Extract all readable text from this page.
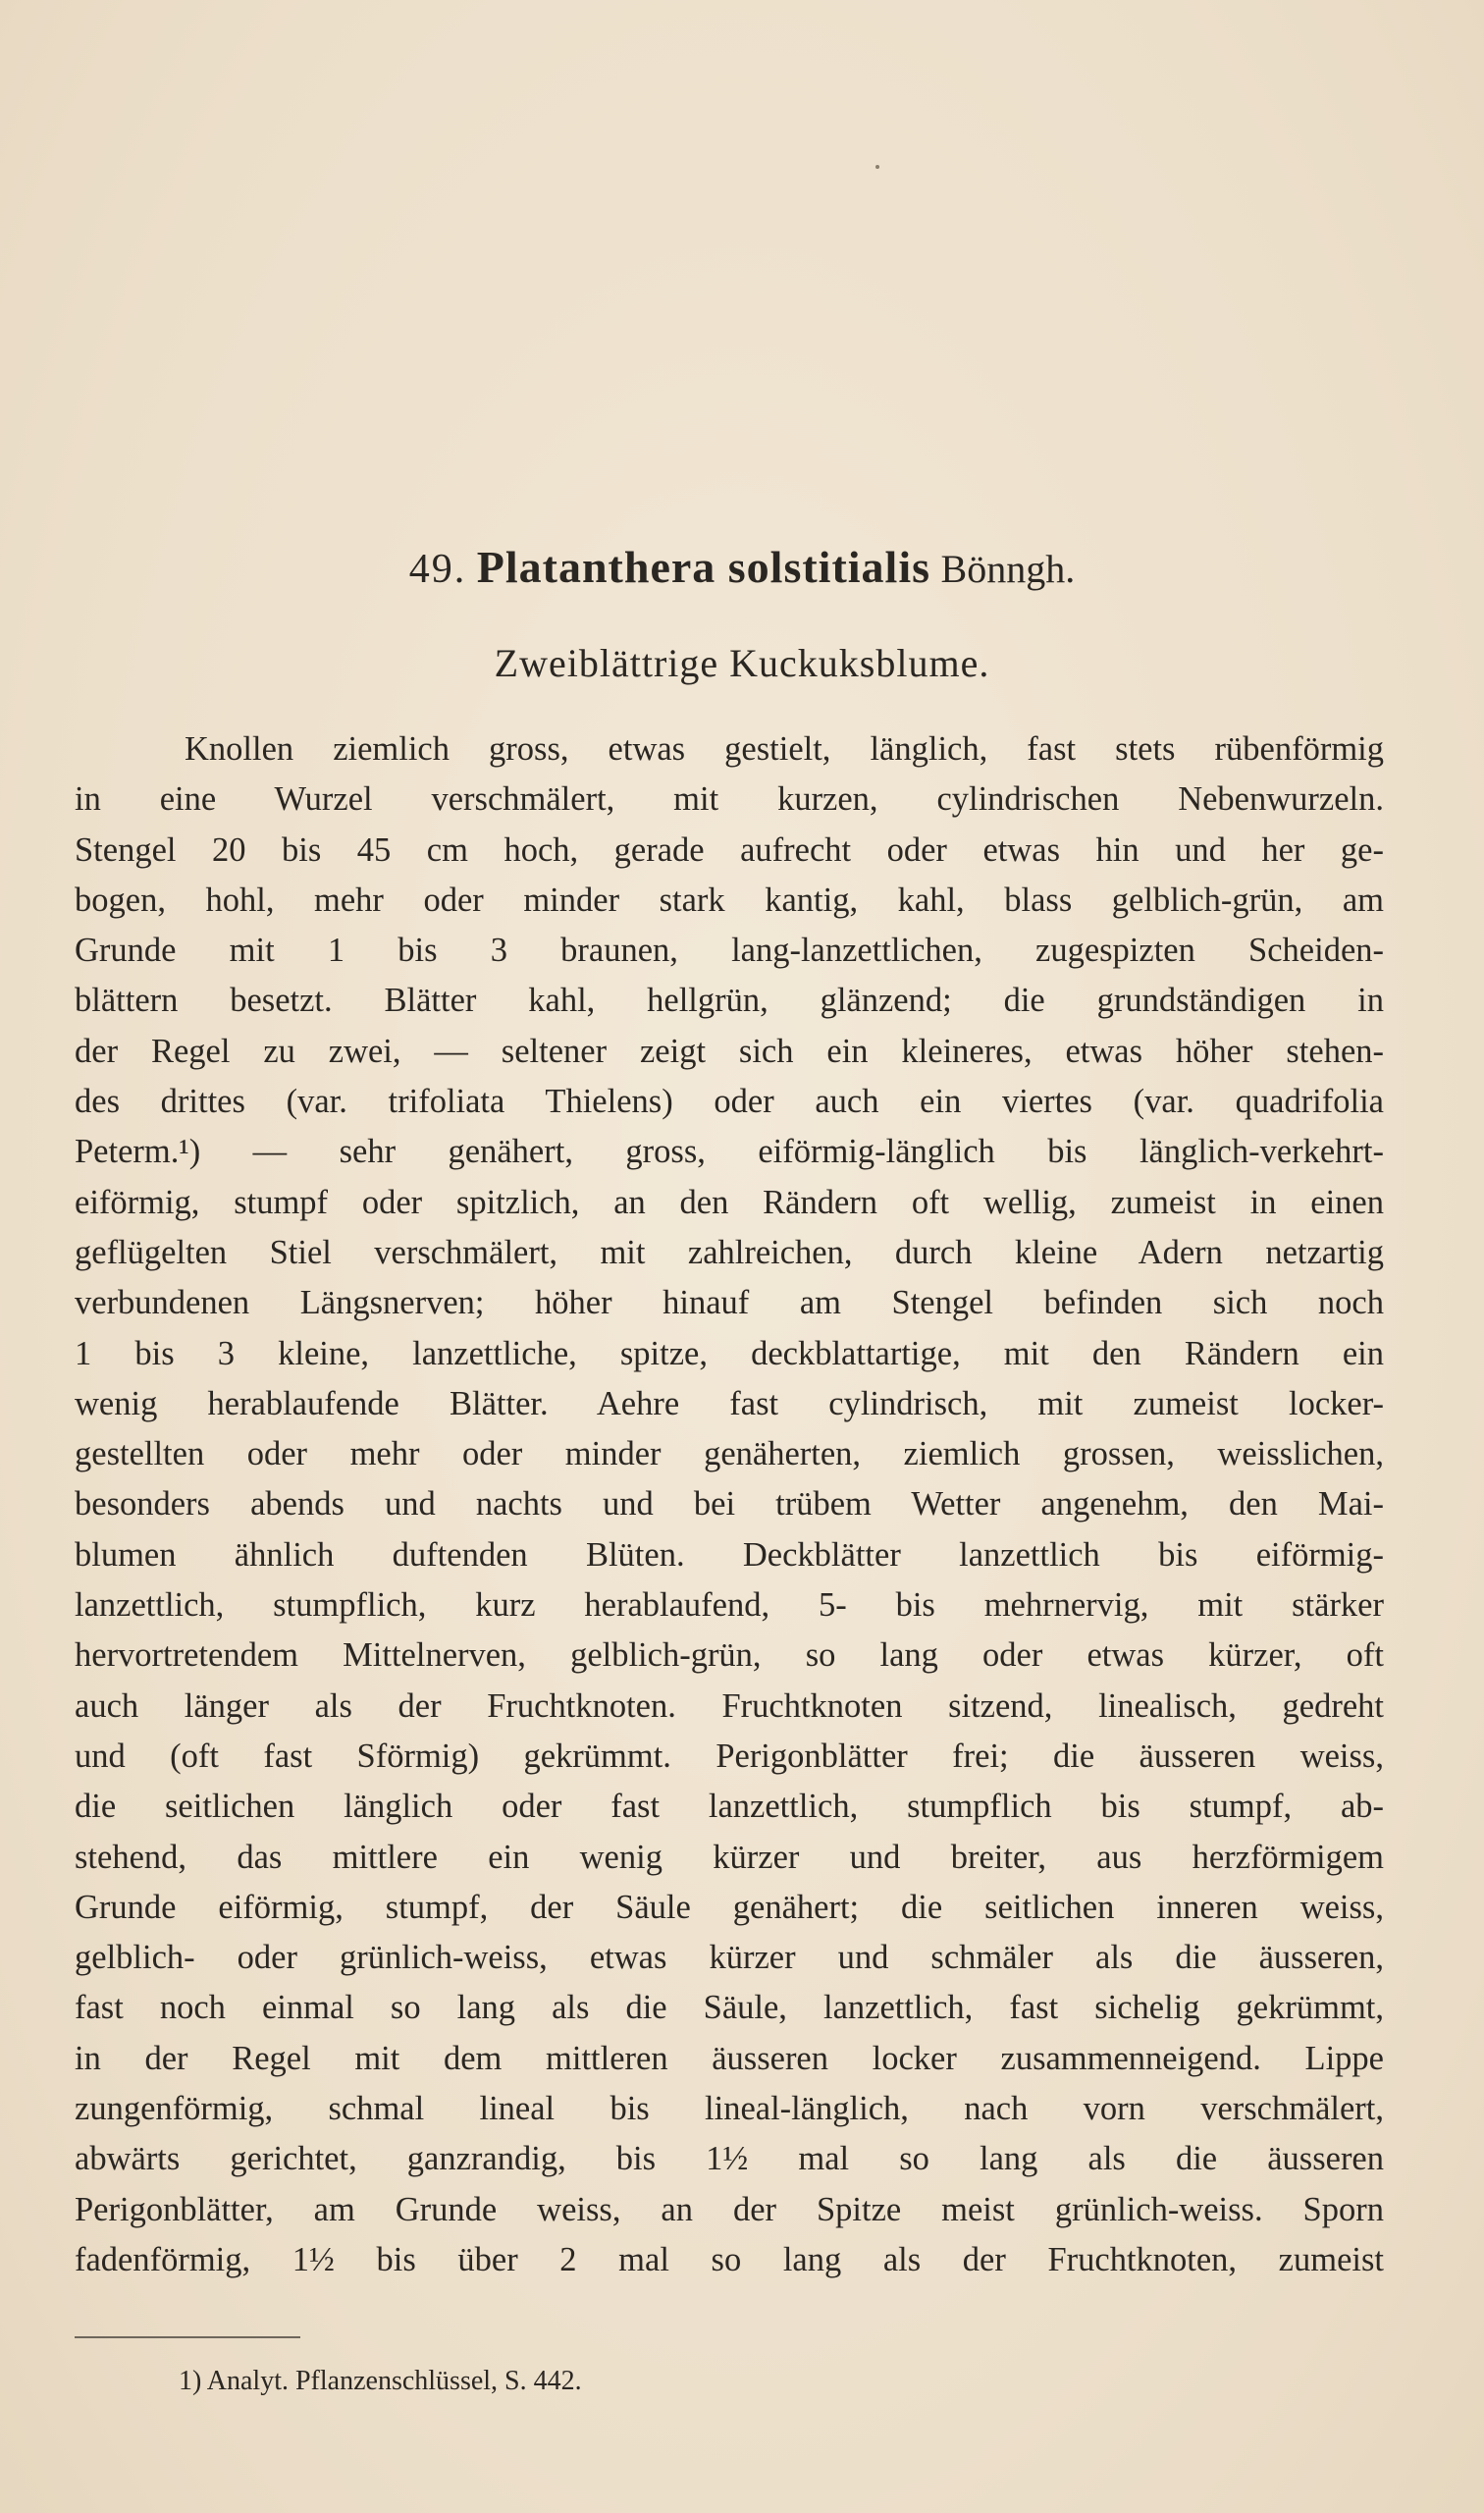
49. Platanthera solstitialis Bönngh.
Zweiblättrige Kuckuksblume.
Knollen ziemlich gross, etwas gestielt, länglich, fast stets rübenförmig
in eine Wurzel verschmälert, mit kurzen, cylindrischen Nebenwurzeln.
Stengel 20 bis 45 cm hoch, gerade aufrecht oder etwas hin und her ge-
bogen, hohl, mehr oder minder stark kantig, kahl, blass gelblich-grün, am
Grunde mit 1 bis 3 braunen, lang-lanzettlichen, zugespizten Scheiden-
blättern besetzt. Blätter kahl, hellgrün, glänzend; die grundständigen in
der Regel zu zwei, — seltener zeigt sich ein kleineres, etwas höher stehen-
des drittes (var. trifoliata Thielens) oder auch ein viertes (var. quadrifolia
Peterm.¹) — sehr genähert, gross, eiförmig-länglich bis länglich-verkehrt-
eiförmig, stumpf oder spitzlich, an den Rändern oft wellig, zumeist in einen
geflügelten Stiel verschmälert, mit zahlreichen, durch kleine Adern netzartig
verbundenen Längsnerven; höher hinauf am Stengel befinden sich noch
1 bis 3 kleine, lanzettliche, spitze, deckblattartige, mit den Rändern ein
wenig herablaufende Blätter. Aehre fast cylindrisch, mit zumeist locker-
gestellten oder mehr oder minder genäherten, ziemlich grossen, weisslichen,
besonders abends und nachts und bei trübem Wetter angenehm, den Mai-
blumen ähnlich duftenden Blüten. Deckblätter lanzettlich bis eiförmig-
lanzettlich, stumpflich, kurz herablaufend, 5- bis mehrnervig, mit stärker
hervortretendem Mittelnerven, gelblich-grün, so lang oder etwas kürzer, oft
auch länger als der Fruchtknoten. Fruchtknoten sitzend, linealisch, gedreht
und (oft fast Sförmig) gekrümmt. Perigonblätter frei; die äusseren weiss,
die seitlichen länglich oder fast lanzettlich, stumpflich bis stumpf, ab-
stehend, das mittlere ein wenig kürzer und breiter, aus herzförmigem
Grunde eiförmig, stumpf, der Säule genähert; die seitlichen inneren weiss,
gelblich- oder grünlich-weiss, etwas kürzer und schmäler als die äusseren,
fast noch einmal so lang als die Säule, lanzettlich, fast sichelig gekrümmt,
in der Regel mit dem mittleren äusseren locker zusammenneigend. Lippe
zungenförmig, schmal lineal bis lineal-länglich, nach vorn verschmälert,
abwärts gerichtet, ganzrandig, bis 1½ mal so lang als die äusseren
Perigonblätter, am Grunde weiss, an der Spitze meist grünlich-weiss. Sporn
fadenförmig, 1½ bis über 2 mal so lang als der Fruchtknoten, zumeist
1) Analyt. Pflanzenschlüssel, S. 442.
